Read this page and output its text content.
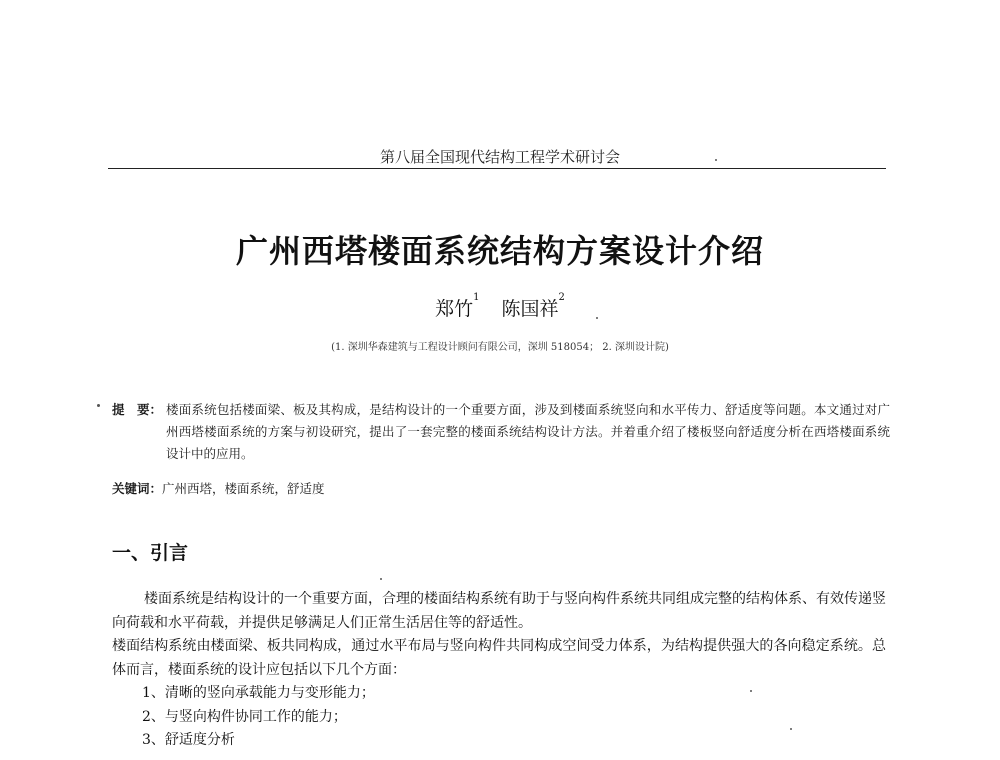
第八届全国现代结构工程学术研讨会
广州西塔楼面系统结构方案设计介绍
郑竹$^1$陈国祥$^2$
(1. 深圳华森建筑与工程设计顾问有限公司，深圳 518054； 2. 深圳设计院)
提　要： 楼面系统包括楼面梁、板及其构成，是结构设计的一个重要方面，涉及到楼面系统竖向和水平传力、舒适度等问题。本文通过对广州西塔楼面系统的方案与初设研究，提出了一套完整的楼面系统结构设计方法。并着重介绍了楼板竖向舒适度分析在西塔楼面系统设计中的应用。
关键词：广州西塔，楼面系统，舒适度
一、引言

楼面系统是结构设计的一个重要方面，合理的楼面结构系统有助于与竖向构件系统共同组成完整的结构体系、有效传递竖向荷载和水平荷载，并提供足够满足人们正常生活居住等的舒适性。

楼面结构系统由楼面梁、板共同构成，通过水平布局与竖向构件共同构成空间受力体系，为结构提供强大的各向稳定系统。总体而言，楼面系统的设计应包括以下几个方面：

1、清晰的竖向承载能力与变形能力；

2、与竖向构件协同工作的能力；

3、舒适度分析
